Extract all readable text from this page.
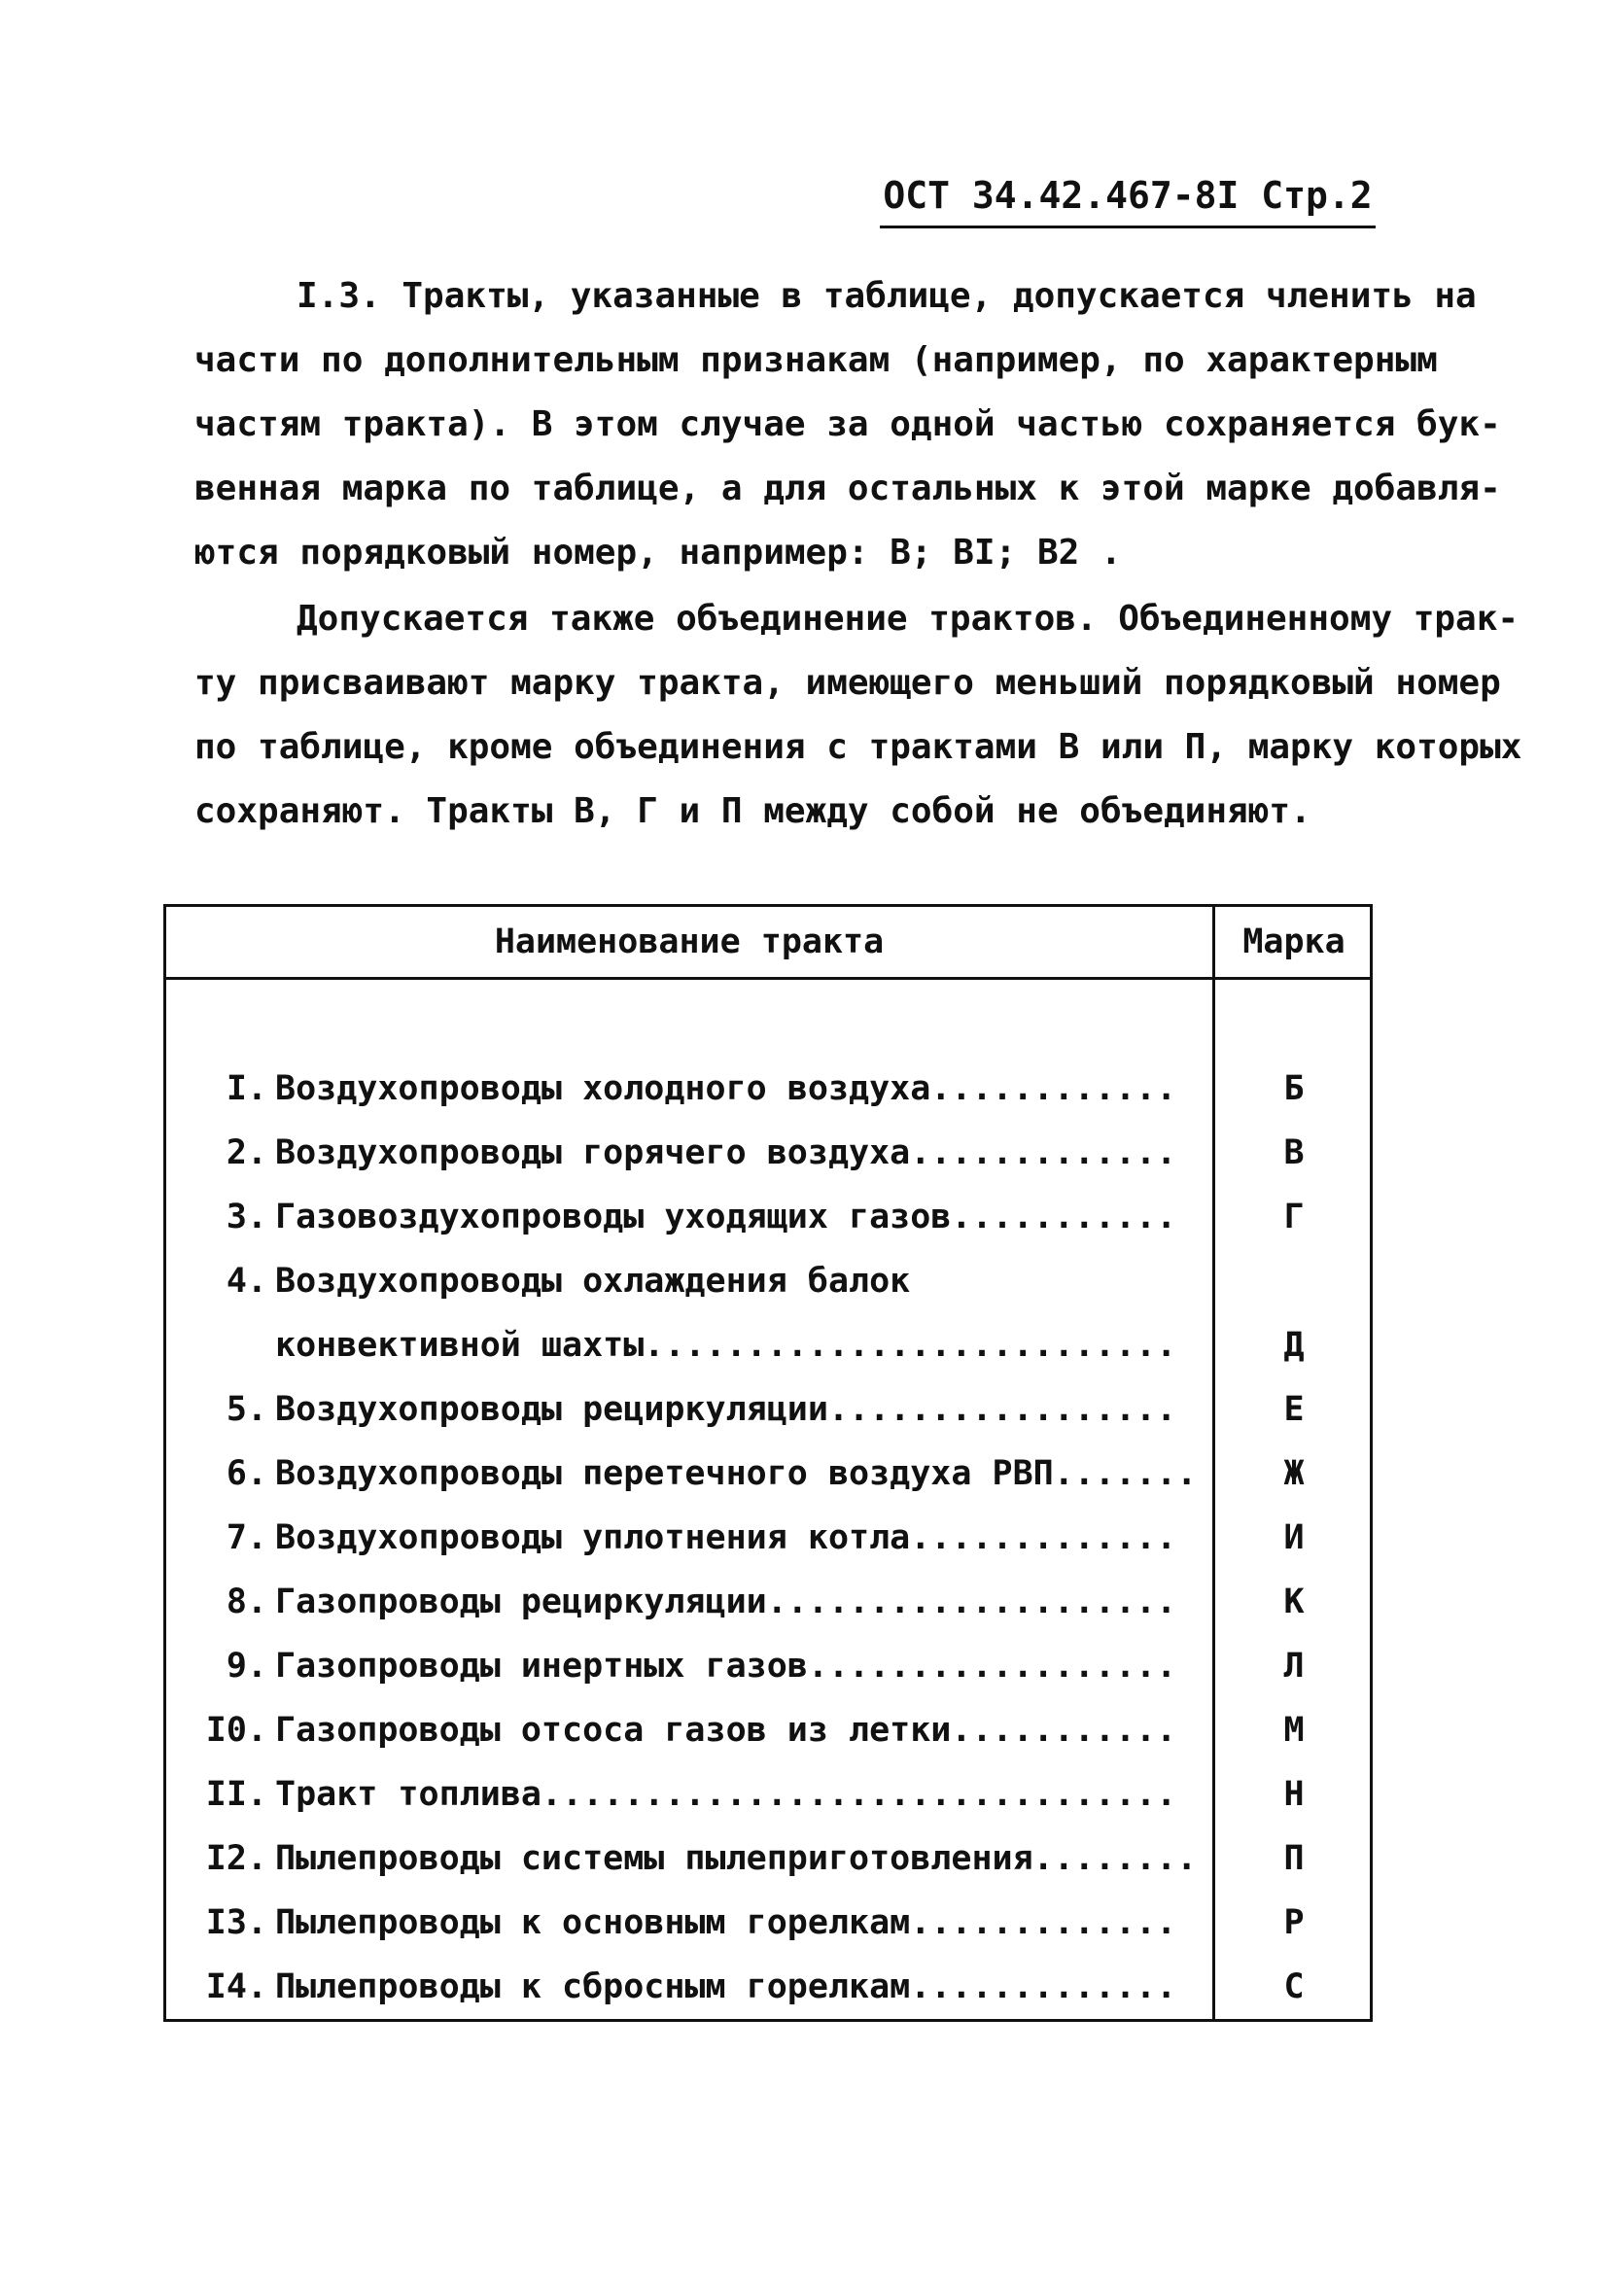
ОСТ 34.42.467-8I Стр.2
I.3. Тракты, указанные в таблице, допускается членить на
части по дополнительным признакам (например, по характерным
частям тракта). В этом случае за одной частью сохраняется бук-
венная марка по таблице, а для остальных к этой марке добавля-
ются порядковый номер, например: В; ВI; В2 .
Допускается также объединение трактов. Объединенному трак-
ту присваивают марку тракта, имеющего меньший порядковый номер
по таблице, кроме объединения с трактами В или П, марку которых
сохраняют. Тракты В, Г и П между собой не объединяют.
Наименование тракта	Марка
I. Воздухопроводы холодного воздуха............	Б
2. Воздухопроводы горячего воздуха.............	В
3. Газовоздухопроводы уходящих газов...........	Г
4. Воздухопроводы охлаждения балок
конвективной шахты..........................	Д
5. Воздухопроводы рециркуляции.................	Е
6. Воздухопроводы перетечного воздуха РВП.......	Ж
7. Воздухопроводы уплотнения котла.............	И
8. Газопроводы рециркуляции....................	К
9. Газопроводы инертных газов..................	Л
I0. Газопроводы отсоса газов из летки...........	М
II. Тракт топлива...............................	Н
I2. Пылепроводы системы пылеприготовления........	П
I3. Пылепроводы к основным горелкам.............	Р
I4. Пылепроводы к сбросным горелкам.............	С
